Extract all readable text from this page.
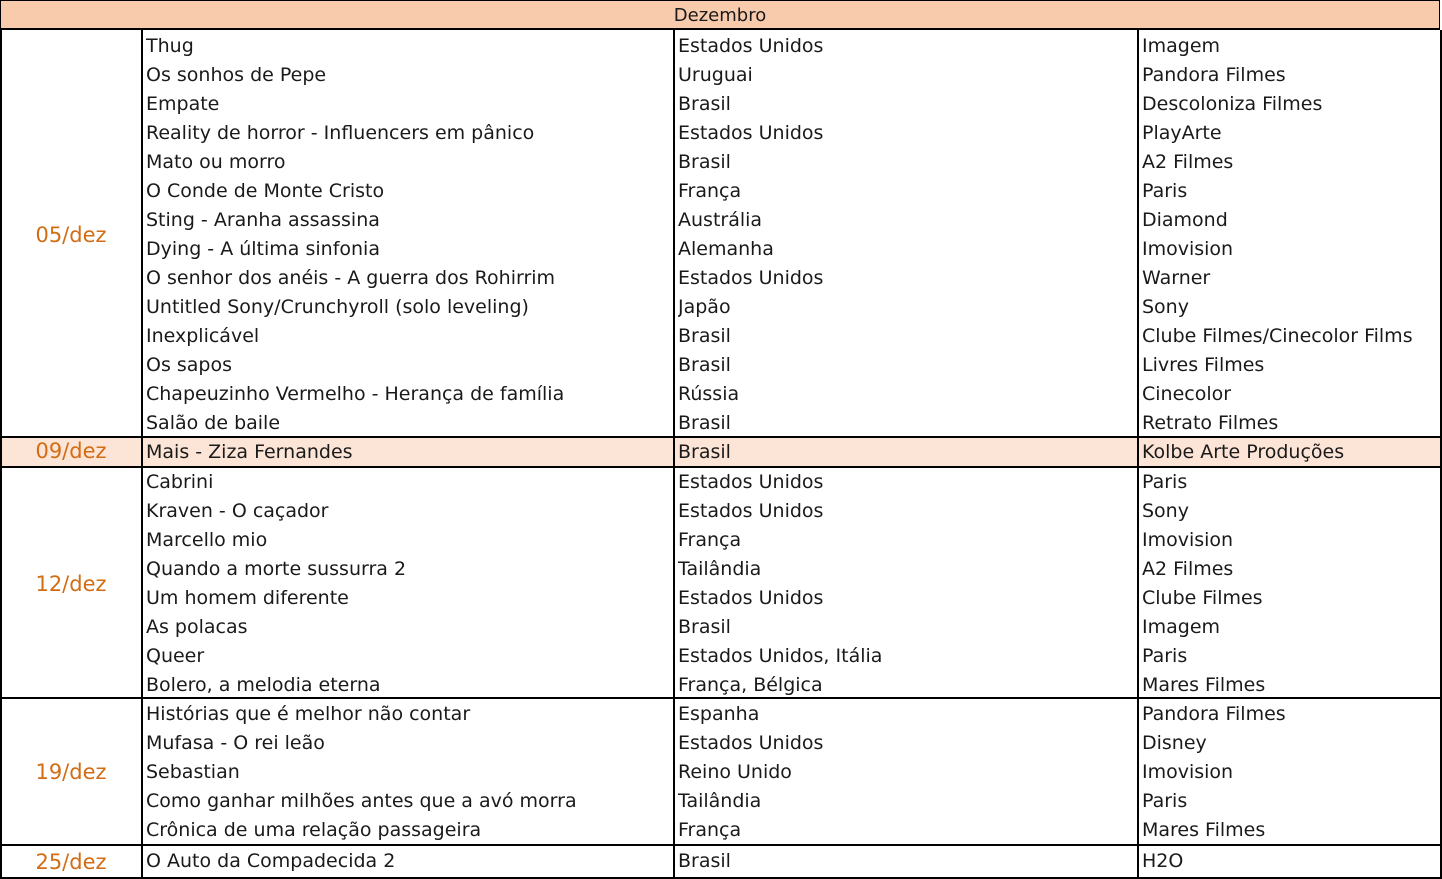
Dezembro
05/dez
Thug	Estados Unidos	Imagem
Os sonhos de Pepe	Uruguai	Pandora Filmes
Empate	Brasil	Descoloniza Filmes
Reality de horror - Influencers em pânico	Estados Unidos	PlayArte
Mato ou morro	Brasil	A2 Filmes
O Conde de Monte Cristo	França	Paris
Sting - Aranha assassina	Austrália	Diamond
Dying - A última sinfonia	Alemanha	Imovision
O senhor dos anéis - A guerra dos Rohirrim	Estados Unidos	Warner
Untitled Sony/Crunchyroll (solo leveling)	Japão	Sony
Inexplicável	Brasil	Clube Filmes/Cinecolor Films
Os sapos	Brasil	Livres Filmes
Chapeuzinho Vermelho - Herança de família	Rússia	Cinecolor
Salão de baile	Brasil	Retrato Filmes
09/dez	Mais - Ziza Fernandes	Brasil	Kolbe Arte Produções
12/dez
Cabrini	Estados Unidos	Paris
Kraven - O caçador	Estados Unidos	Sony
Marcello mio	França	Imovision
Quando a morte sussurra 2	Tailândia	A2 Filmes
Um homem diferente	Estados Unidos	Clube Filmes
As polacas	Brasil	Imagem
Queer	Estados Unidos, Itália	Paris
Bolero, a melodia eterna	França, Bélgica	Mares Filmes
19/dez
Histórias que é melhor não contar	Espanha	Pandora Filmes
Mufasa - O rei leão	Estados Unidos	Disney
Sebastian	Reino Unido	Imovision
Como ganhar milhões antes que a avó morra	Tailândia	Paris
Crônica de uma relação passageira	França	Mares Filmes
25/dez	O Auto da Compadecida 2	Brasil	H2O
